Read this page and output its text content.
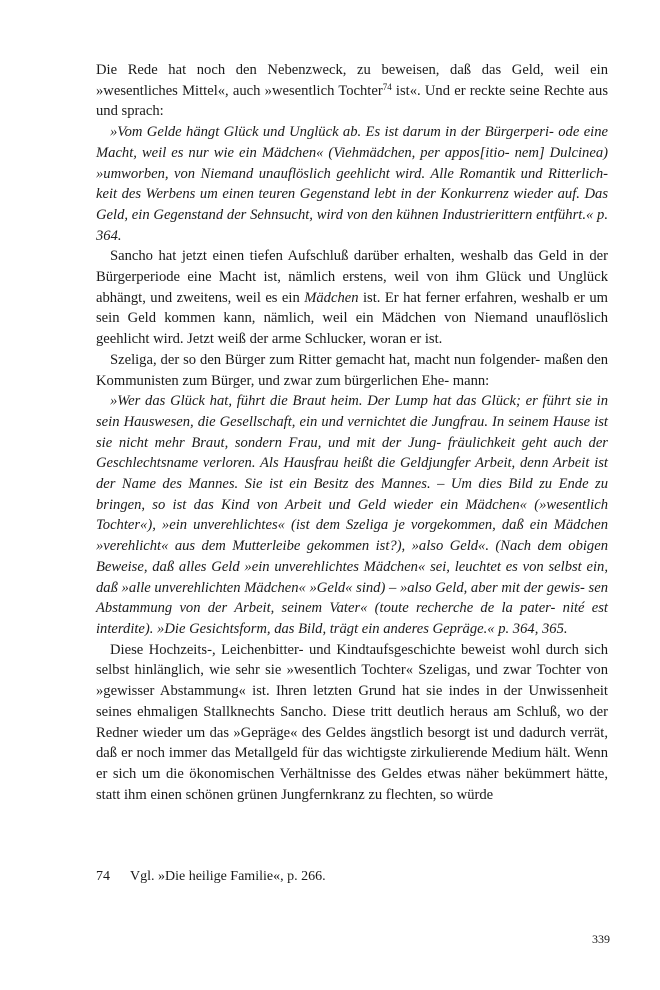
Die Rede hat noch den Nebenzweck, zu beweisen, daß das Geld, weil ein »wesentliches Mittel«, auch »wesentlich Tochter$^{74}$ ist«. Und er reckte seine Rechte aus und sprach:

»Vom Gelde hängt Glück und Unglück ab. Es ist darum in der Bürgerperi- ode eine Macht, weil es nur wie ein Mädchen« (Viehmädchen, per appos[itio- nem] Dulcinea) »umworben, von Niemand unauflöslich geehlicht wird. Alle Romantik und Ritterlich- keit des Werbens um einen teuren Gegenstand lebt in der Konkurrenz wieder auf. Das Geld, ein Gegenstand der Sehnsucht, wird von den kühnen Industrierittern entführt.« p. 364.

Sancho hat jetzt einen tiefen Aufschluß darüber erhalten, weshalb das Geld in der Bürgerperiode eine Macht ist, nämlich erstens, weil von ihm Glück und Unglück abhängt, und zweitens, weil es ein Mädchen ist. Er hat ferner erfahren, weshalb er um sein Geld kommen kann, nämlich, weil ein Mädchen von Niemand unauflöslich geehlicht wird. Jetzt weiß der arme Schlucker, woran er ist.

Szeliga, der so den Bürger zum Ritter gemacht hat, macht nun folgender- maßen den Kommunisten zum Bürger, und zwar zum bürgerlichen Ehe- mann:

»Wer das Glück hat, führt die Braut heim. Der Lump hat das Glück; er führt sie in sein Hauswesen, die Gesellschaft, ein und vernichtet die Jungfrau. In seinem Hause ist sie nicht mehr Braut, sondern Frau, und mit der Jung- fräulichkeit geht auch der Geschlechtsname verloren. Als Hausfrau heißt die Geldjungfer Arbeit, denn Arbeit ist der Name des Mannes. Sie ist ein Besitz des Mannes. – Um dies Bild zu Ende zu bringen, so ist das Kind von Arbeit und Geld wieder ein Mädchen« (»wesentlich Tochter«), »ein unverehlichtes« (ist dem Szeliga je vorgekommen, daß ein Mädchen »verehlicht« aus dem Mutterleibe gekommen ist?), »also Geld«. (Nach dem obigen Beweise, daß alles Geld »ein unverehlichtes Mädchen« sei, leuchtet es von selbst ein, daß »alle unverehlichten Mädchen« »Geld« sind) – »also Geld, aber mit der gewis- sen Abstammung von der Arbeit, seinem Vater« (toute recherche de la pater- nité est interdite). »Die Gesichtsform, das Bild, trägt ein anderes Gepräge.« p. 364, 365.

Diese Hochzeits-, Leichenbitter- und Kindtaufsgeschichte beweist wohl durch sich selbst hinlänglich, wie sehr sie »wesentlich Tochter« Szeligas, und zwar Tochter von »gewisser Abstammung« ist. Ihren letzten Grund hat sie indes in der Unwissenheit seines ehmaligen Stallknechts Sancho. Diese tritt deutlich heraus am Schluß, wo der Redner wieder um das »Gepräge« des Geldes ängstlich besorgt ist und dadurch verrät, daß er noch immer das Metallgeld für das wichtigste zirkulierende Medium hält. Wenn er sich um die ökonomischen Verhältnisse des Geldes etwas näher bekümmert hätte, statt ihm einen schönen grünen Jungfernkranz zu flechten, so würde

74 Vgl. »Die heilige Familie«, p. 266.
339
